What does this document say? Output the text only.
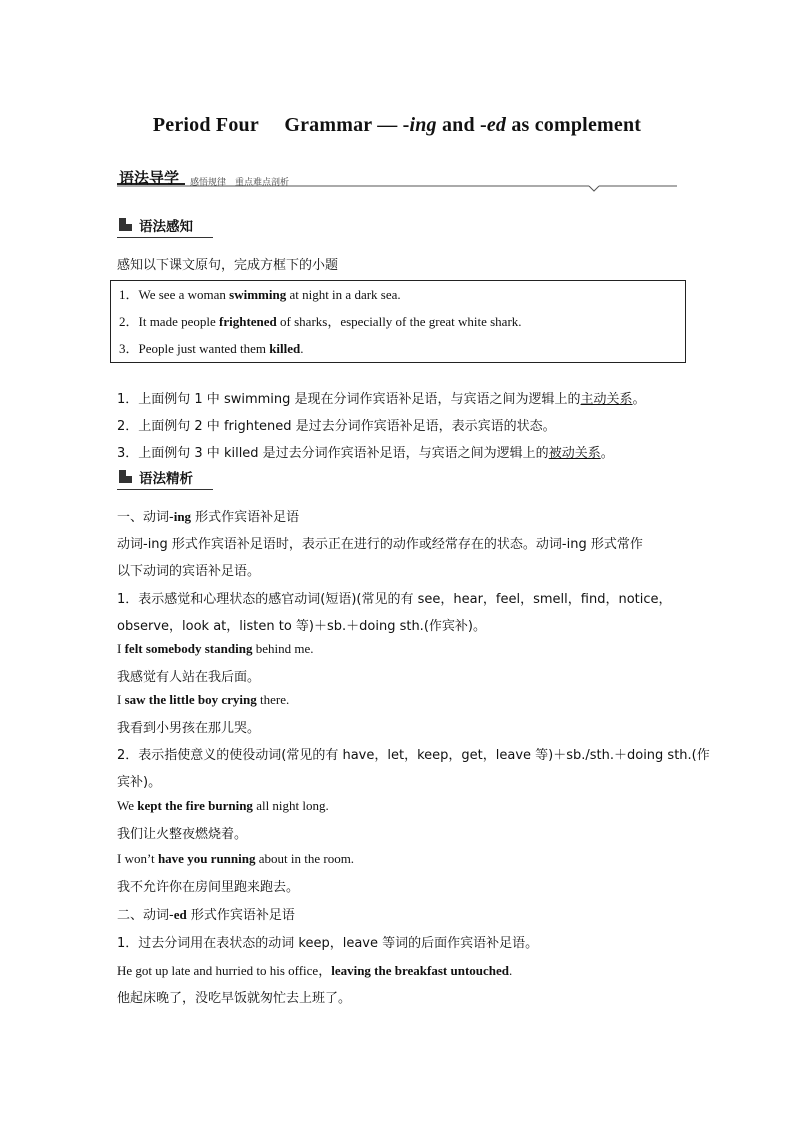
Period Four  Grammar — -ing and -ed as complement
语法导学 感悟规律　重点难点剖析
语法感知
感知以下课文原句，完成方框下的小题
1．We see a woman swimming at night in a dark sea.
2．It made people frightened of sharks，especially of the great white shark.
3．People just wanted them killed.
1．上面例句 1 中 swimming 是现在分词作宾语补足语，与宾语之间为逻辑上的主动关系。
2．上面例句 2 中 frightened 是过去分词作宾语补足语，表示宾语的状态。
3．上面例句 3 中 killed 是过去分词作宾语补足语，与宾语之间为逻辑上的被动关系。
语法精析
一、动词-ing 形式作宾语补足语
动词-ing 形式作宾语补足语时，表示正在进行的动作或经常存在的状态。动词-ing 形式常作
以下动词的宾语补足语。
1．表示感觉和心理状态的感官动词(短语)(常见的有 see，hear，feel，smell，find，notice，
observe，look at，listen to 等)＋sb.＋doing sth.(作宾补)。
I felt somebody standing behind me.
我感觉有人站在我后面。
I saw the little boy crying there.
我看到小男孩在那儿哭。
2．表示指使意义的使役动词(常见的有 have，let，keep，get，leave 等)＋sb./sth.＋doing sth.(作
宾补)。
We kept the fire burning all night long.
我们让火整夜燃烧着。
I won’t have you running about in the room.
我不允许你在房间里跑来跑去。
二、动词-ed 形式作宾语补足语
1．过去分词用在表状态的动词 keep，leave 等词的后面作宾语补足语。
He got up late and hurried to his office，leaving the breakfast untouched.
他起床晚了，没吃早饭就匆忙去上班了。
